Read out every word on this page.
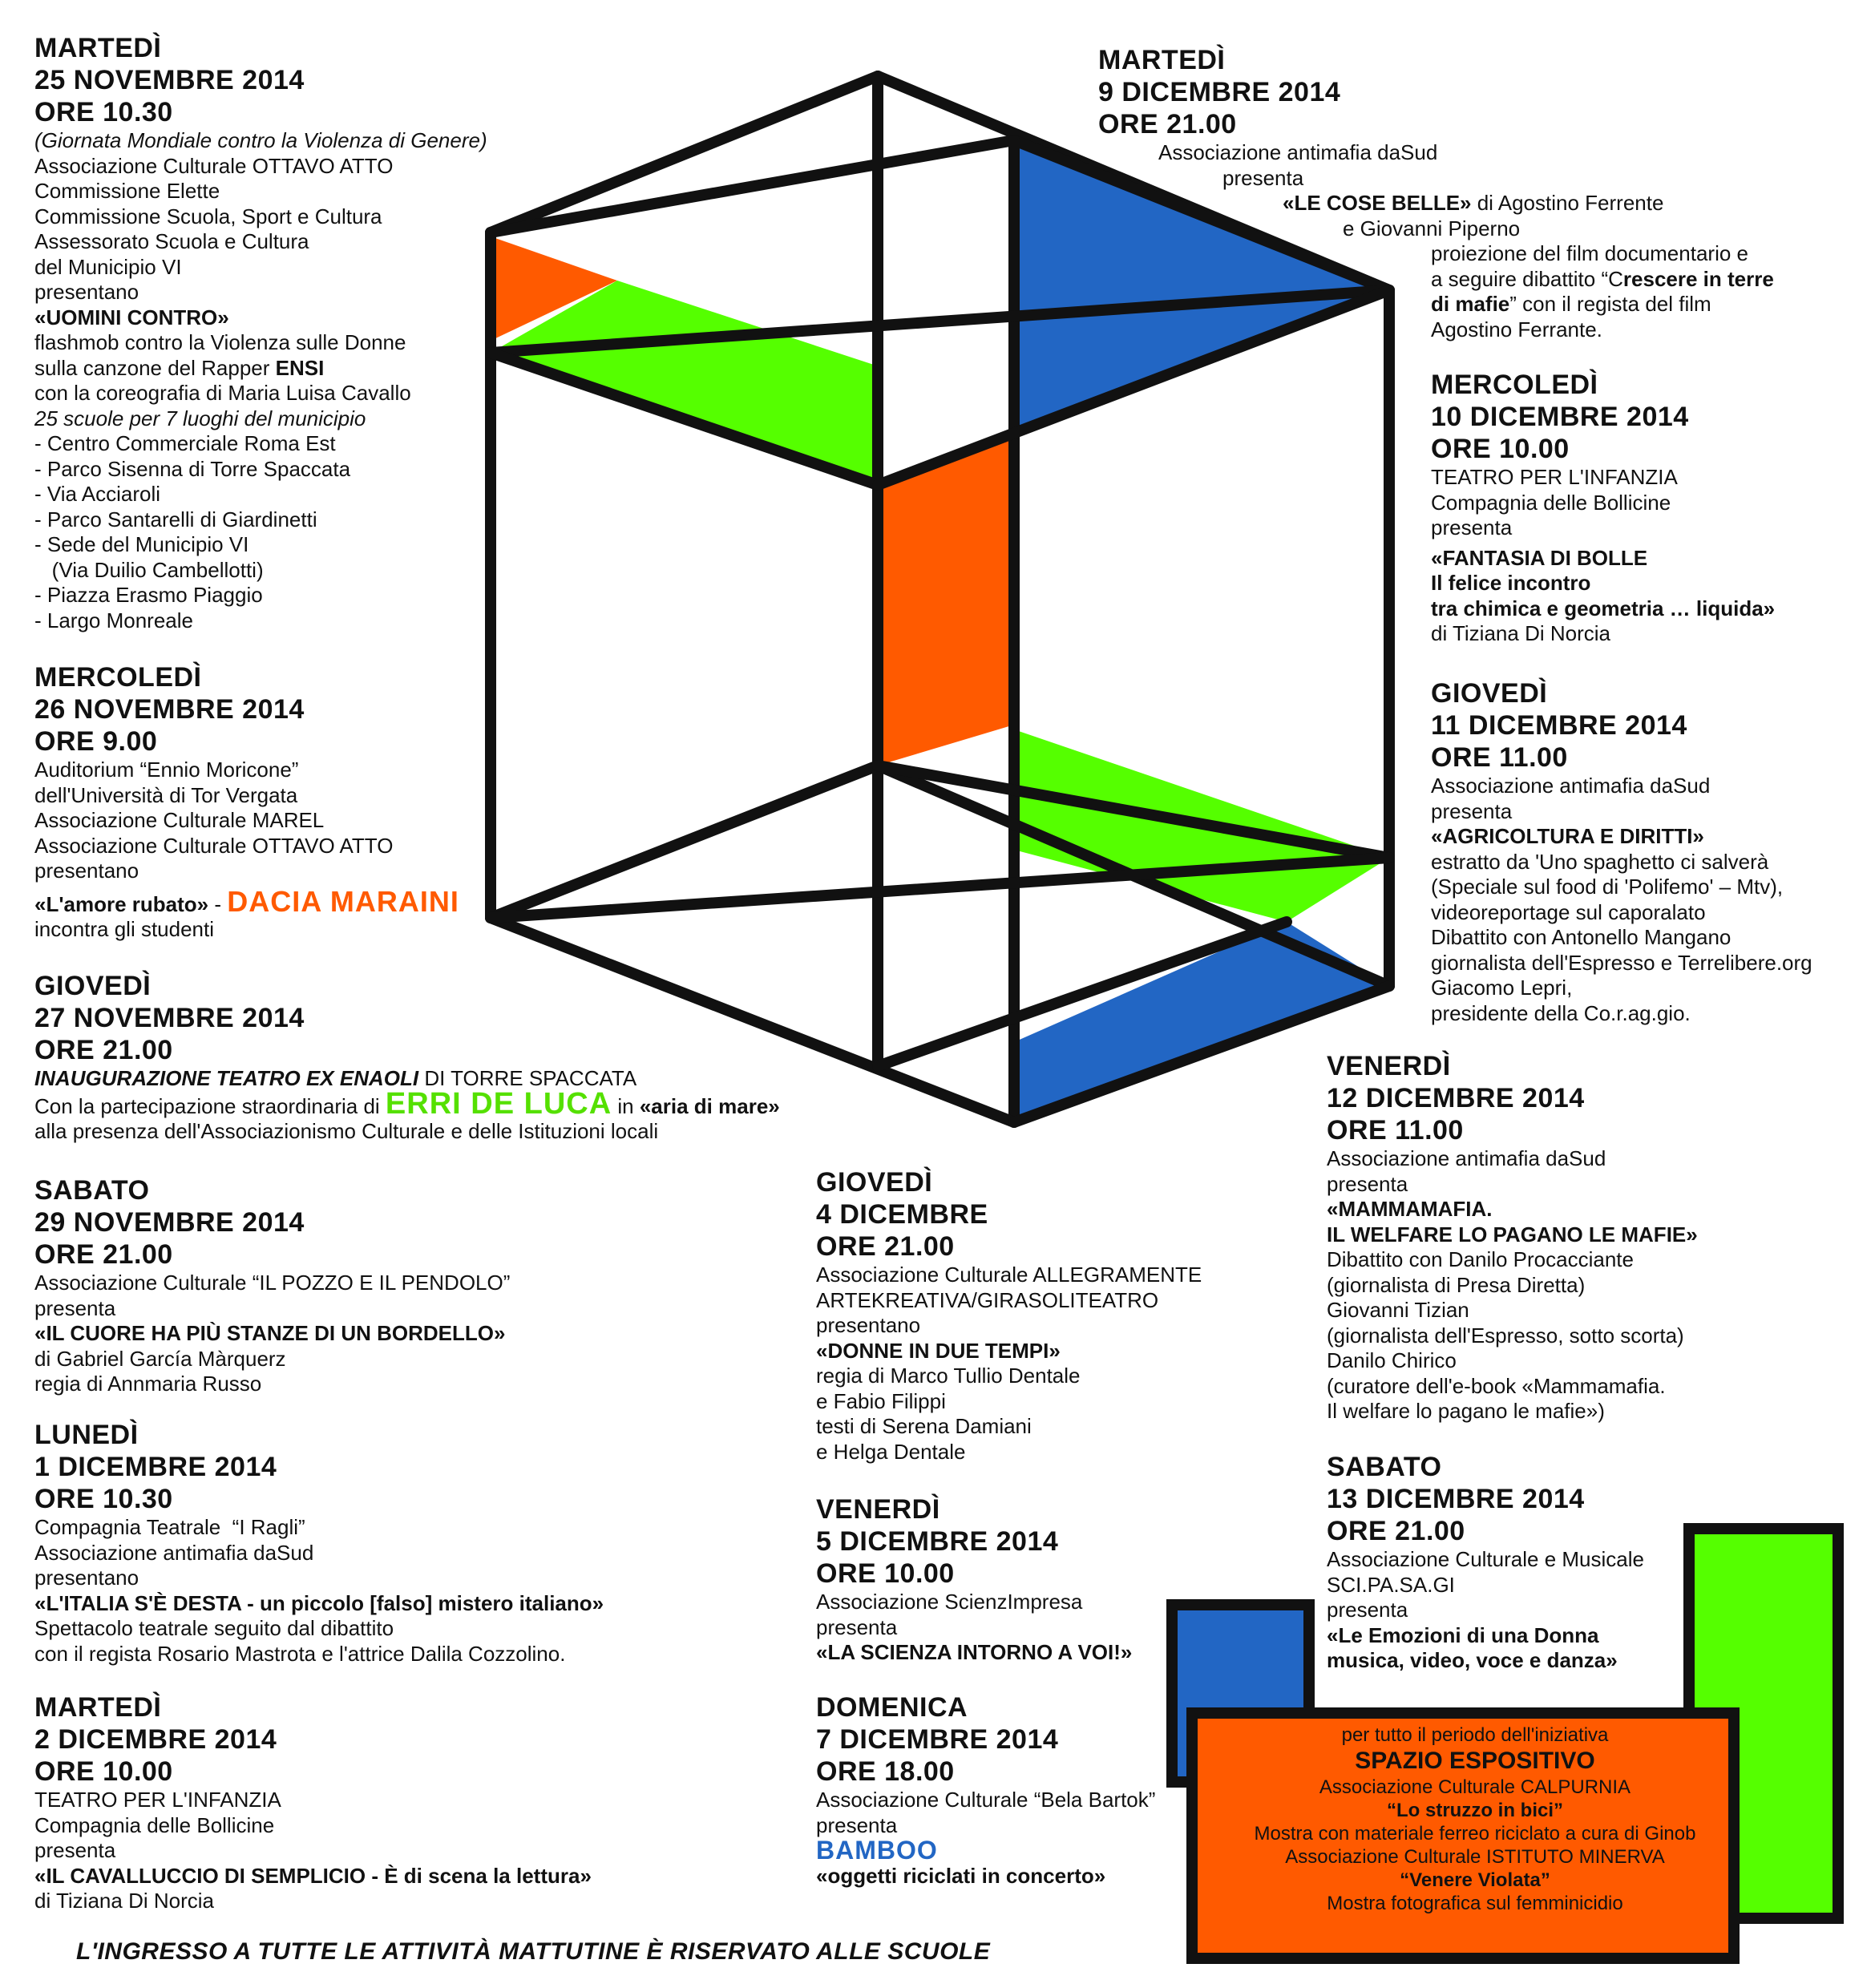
per tutto il periodo dell'iniziativa
SPAZIO ESPOSITIVO
Associazione Culturale CALPURNIA
“Lo struzzo in bici”
Mostra con materiale ferreo riciclato a cura di Ginob
Associazione Culturale ISTITUTO MINERVA
“Venere Violata”
Mostra fotografica sul femminicidio
MARTEDÌ
25 NOVEMBRE 2014
ORE 10.30
(Giornata Mondiale contro la Violenza di Genere)
Associazione Culturale OTTAVO ATTO
Commissione Elette
Commissione Scuola, Sport e Cultura
Assessorato Scuola e Cultura
del Municipio VI
presentano
«UOMINI CONTRO»
flashmob contro la Violenza sulle Donne
sulla canzone del Rapper ENSI
con la coreografia di Maria Luisa Cavallo
25 scuole per 7 luoghi del municipio
- Centro Commerciale Roma Est
- Parco Sisenna di Torre Spaccata
- Via Acciaroli
- Parco Santarelli di Giardinetti
- Sede del Municipio VI
(Via Duilio Cambellotti)
- Piazza Erasmo Piaggio
- Largo Monreale
MERCOLEDÌ
26 NOVEMBRE 2014
ORE 9.00
Auditorium “Ennio Moricone”
dell'Università di Tor Vergata
Associazione Culturale MAREL
Associazione Culturale OTTAVO ATTO
presentano
«L'amore rubato» - DACIA MARAINI
incontra gli studenti
GIOVEDÌ
27 NOVEMBRE 2014
ORE 21.00
INAUGURAZIONE TEATRO EX ENAOLI DI TORRE SPACCATA
Con la partecipazione straordinaria di ERRI DE LUCA in «aria di mare»
alla presenza dell'Associazionismo Culturale e delle Istituzioni locali
SABATO
29 NOVEMBRE 2014
ORE 21.00
Associazione Culturale “IL POZZO E IL PENDOLO”
presenta
«IL CUORE HA PIÙ STANZE DI UN BORDELLO»
di Gabriel García Màrquerz
regia di Annmaria Russo
LUNEDÌ
1 DICEMBRE 2014
ORE 10.30
Compagnia Teatrale  “I Ragli”
Associazione antimafia daSud
presentano
«L'ITALIA S'È DESTA - un piccolo [falso] mistero italiano»
Spettacolo teatrale seguito dal dibattito
con il regista Rosario Mastrota e l'attrice Dalila Cozzolino.
MARTEDÌ
2 DICEMBRE 2014
ORE 10.00
TEATRO PER L'INFANZIA
Compagnia delle Bollicine
presenta
«IL CAVALLUCCIO DI SEMPLICIO - È di scena la lettura»
di Tiziana Di Norcia
GIOVEDÌ
4 DICEMBRE
ORE 21.00
Associazione Culturale ALLEGRAMENTE
ARTEKREATIVA/GIRASOLITEATRO
presentano
«DONNE IN DUE TEMPI»
regia di Marco Tullio Dentale
e Fabio Filippi
testi di Serena Damiani
e Helga Dentale
VENERDÌ
5 DICEMBRE 2014
ORE 10.00
Associazione ScienzImpresa
presenta
«LA SCIENZA INTORNO A VOI!»
DOMENICA
7 DICEMBRE 2014
ORE 18.00
Associazione Culturale “Bela Bartok”
presenta
BAMBOO
«oggetti riciclati in concerto»
MARTEDÌ
9 DICEMBRE 2014
ORE 21.00
Associazione antimafia daSud
presenta
«LE COSE BELLE» di Agostino Ferrente
e Giovanni Piperno
proiezione del film documentario e
a seguire dibattito “Crescere in terre
di mafie” con il regista del film
Agostino Ferrante.
MERCOLEDÌ
10 DICEMBRE 2014
ORE 10.00
TEATRO PER L'INFANZIA
Compagnia delle Bollicine
presenta
«FANTASIA DI BOLLE
Il felice incontro
tra chimica e geometria … liquida»
di Tiziana Di Norcia
GIOVEDÌ
11 DICEMBRE 2014
ORE 11.00
Associazione antimafia daSud
presenta
«AGRICOLTURA E DIRITTI»
estratto da 'Uno spaghetto ci salverà
(Speciale sul food di 'Polifemo' – Mtv),
videoreportage sul caporalato
Dibattito con Antonello Mangano
giornalista dell'Espresso e Terrelibere.org
Giacomo Lepri,
presidente della Co.r.ag.gio.
VENERDÌ
12 DICEMBRE 2014
ORE 11.00
Associazione antimafia daSud
presenta
«MAMMAMAFIA.
IL WELFARE LO PAGANO LE MAFIE»
Dibattito con Danilo Procacciante
(giornalista di Presa Diretta)
Giovanni Tizian
(giornalista dell'Espresso, sotto scorta)
Danilo Chirico
(curatore dell'e-book «Mammamafia.
Il welfare lo pagano le mafie»)
SABATO
13 DICEMBRE 2014
ORE 21.00
Associazione Culturale e Musicale
SCI.PA.SA.GI
presenta
«Le Emozioni di una Donna
musica, video, voce e danza»
L'INGRESSO A TUTTE LE ATTIVITÀ MATTUTINE È RISERVATO ALLE SCUOLE
